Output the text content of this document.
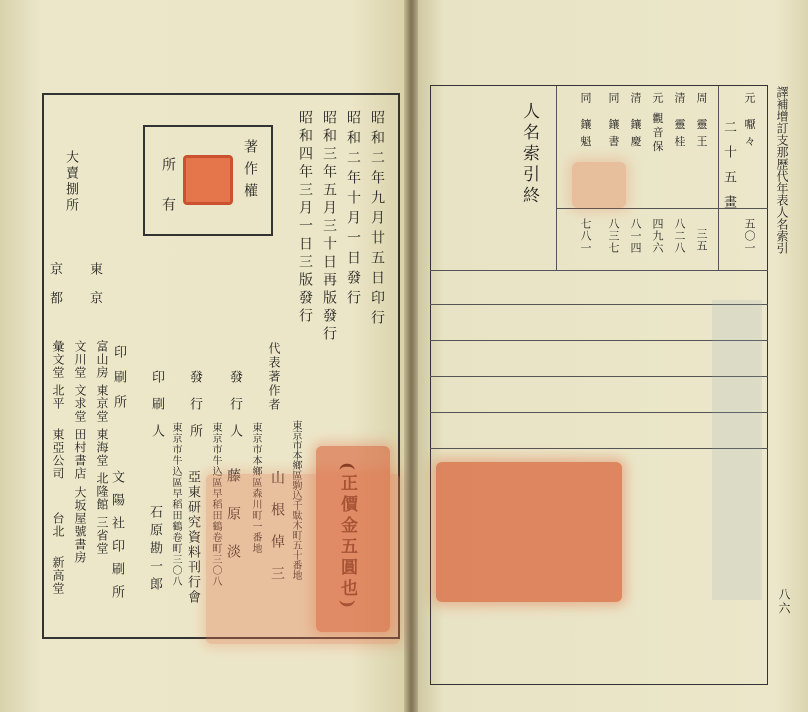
著作權
所有	昭和二年九月廿五日印行
昭和二年十月一日發行
昭和三年五月三十日再版發行
昭和四年三月一日三版發行
代表著作者
東京市本鄉區駒込千駄木町五十番地
山根倬三
發行人
東京市本鄉區森川町一番地
藤原淡
發行所
東京市牛込區早稻田鶴卷町三〇八
亞東研究資料刊行會
印刷人
東京市牛込區早稻田鶴卷町三〇八
石原勘一郎
印刷所
文陽社印刷所
大賣捌所
東京
京都
富山房
東京堂
東海堂
北隆館
三省堂
文川堂
文求堂
田村書店
大坂屋號書房
彙文堂
北平
東亞公司
台北
新高堂
譯補增訂支那歷代年表人名索引
八六
元 嚈々
五〇一
二十五畫
周 靈王
三五
清 靈桂
八二八
元 觀音保
四九六
清 鑲慶
八一四
同 鑲書
八三七
同 鑲魁
七八一
人名索引終
